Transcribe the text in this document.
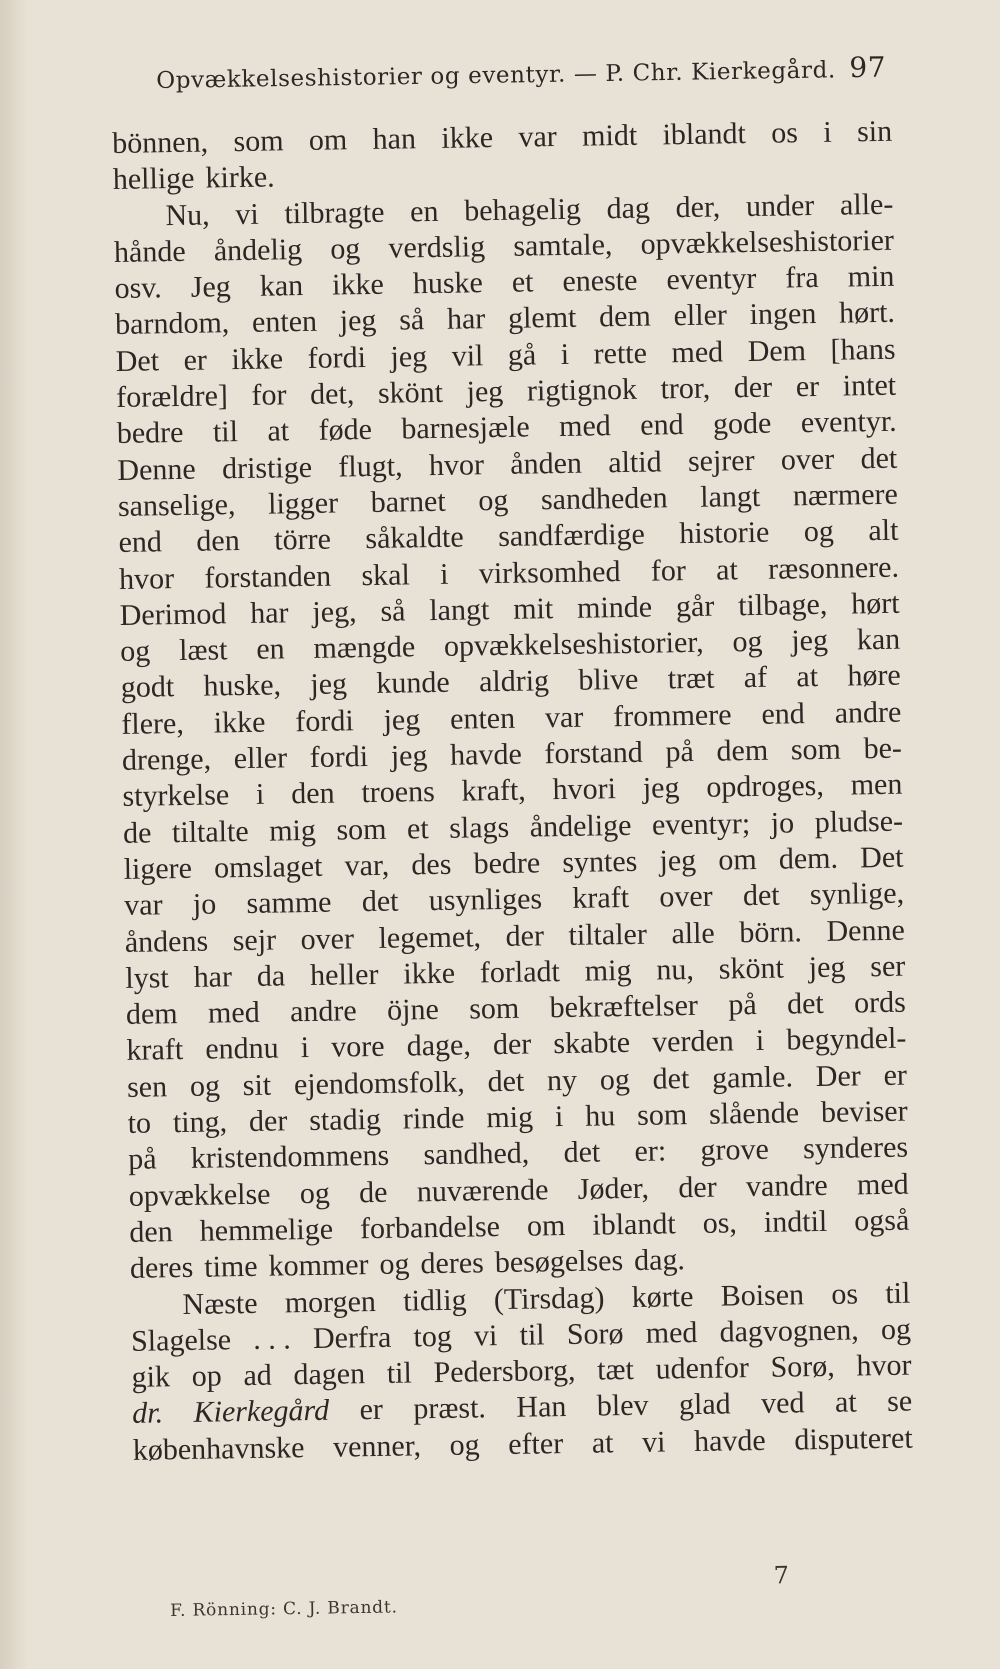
Opvækkelseshistorier og eventyr. — P. Chr. Kierkegård. 97
bönnen, som om han ikke var midt iblandt os i sin
hellige kirke.
Nu, vi tilbragte en behagelig dag der, under alle-
hånde åndelig og verdslig samtale, opvækkelseshistorier
osv. Jeg kan ikke huske et eneste eventyr fra min
barndom, enten jeg så har glemt dem eller ingen hørt.
Det er ikke fordi jeg vil gå i rette med Dem [hans
forældre] for det, skönt jeg rigtignok tror, der er intet
bedre til at føde barnesjæle med end gode eventyr.
Denne dristige flugt, hvor ånden altid sejrer over det
sanselige, ligger barnet og sandheden langt nærmere
end den törre såkaldte sandfærdige historie og alt
hvor forstanden skal i virksomhed for at ræsonnere.
Derimod har jeg, så langt mit minde går tilbage, hørt
og læst en mængde opvækkelseshistorier, og jeg kan
godt huske, jeg kunde aldrig blive træt af at høre
flere, ikke fordi jeg enten var frommere end andre
drenge, eller fordi jeg havde forstand på dem som be-
styrkelse i den troens kraft, hvori jeg opdroges, men
de tiltalte mig som et slags åndelige eventyr; jo pludse-
ligere omslaget var, des bedre syntes jeg om dem. Det
var jo samme det usynliges kraft over det synlige,
åndens sejr over legemet, der tiltaler alle börn. Denne
lyst har da heller ikke forladt mig nu, skönt jeg ser
dem med andre öjne som bekræftelser på det ords
kraft endnu i vore dage, der skabte verden i begyndel-
sen og sit ejendomsfolk, det ny og det gamle. Der er
to ting, der stadig rinde mig i hu som slående beviser
på kristendommens sandhed, det er: grove synderes
opvækkelse og de nuværende Jøder, der vandre med
den hemmelige forbandelse om iblandt os, indtil også
deres time kommer og deres besøgelses dag.
Næste morgen tidlig (Tirsdag) kørte Boisen os til
Slagelse . . . Derfra tog vi til Sorø med dagvognen, og
gik op ad dagen til Pedersborg, tæt udenfor Sorø, hvor
dr. Kierkegård er præst. Han blev glad ved at se
københavnske venner, og efter at vi havde disputeret
F. Rönning: C. J. Brandt.
7
